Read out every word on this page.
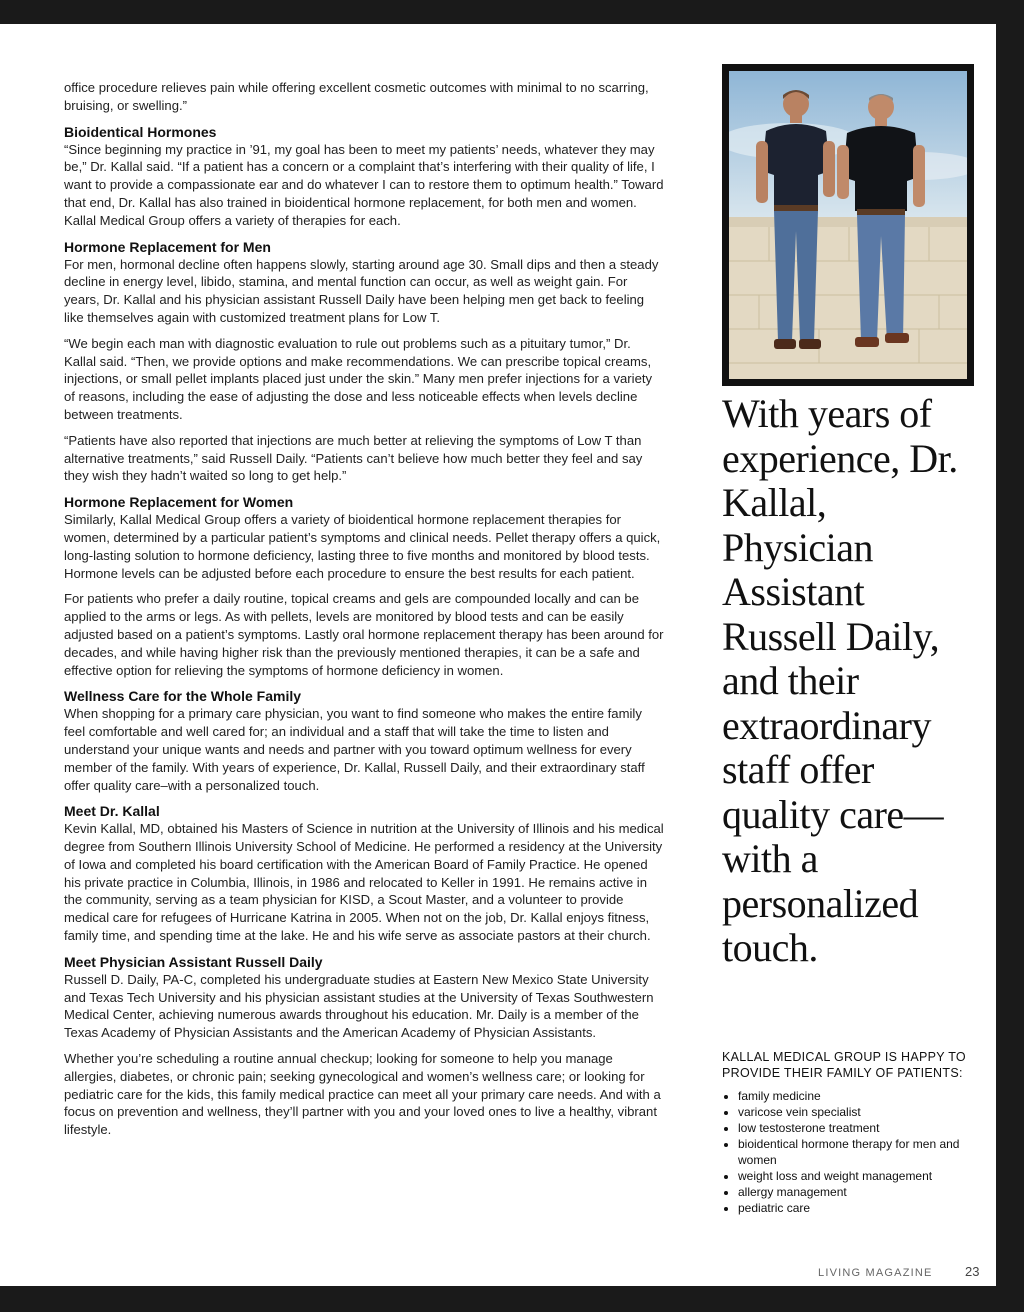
office procedure relieves pain while offering excellent cosmetic outcomes with minimal to no scarring, bruising, or swelling.”

Bioidentical Hormones

“Since beginning my practice in ’91, my goal has been to meet my patients’ needs, whatever they may be,” Dr. Kallal said. “If a patient has a concern or a complaint that’s interfering with their quality of life, I want to provide a compassionate ear and do whatever I can to restore them to optimum health.” Toward that end, Dr. Kallal has also trained in bioidentical hormone replacement, for both men and women. Kallal Medical Group offers a variety of therapies for each.

Hormone Replacement for Men

For men, hormonal decline often happens slowly, starting around age 30. Small dips and then a steady decline in energy level, libido, stamina, and mental function can occur, as well as weight gain. For years, Dr. Kallal and his physician assistant Russell Daily have been helping men get back to feeling like themselves again with customized treatment plans for Low T.

“We begin each man with diagnostic evaluation to rule out problems such as a pituitary tumor,” Dr. Kallal said. “Then, we provide options and make recommendations. We can prescribe topical creams, injections, or small pellet implants placed just under the skin.” Many men prefer injections for a variety of reasons, including the ease of adjusting the dose and less noticeable effects when levels decline between treatments.

“Patients have also reported that injections are much better at relieving the symptoms of Low T than alternative treatments,” said Russell Daily. “Patients can’t believe how much better they feel and say they wish they hadn’t waited so long to get help.”

Hormone Replacement for Women

Similarly, Kallal Medical Group offers a variety of bioidentical hormone replacement therapies for women, determined by a particular patient’s symptoms and clinical needs. Pellet therapy offers a quick, long-lasting solution to hormone deficiency, lasting three to five months and monitored by blood tests. Hormone levels can be adjusted before each procedure to ensure the best results for each patient.

For patients who prefer a daily routine, topical creams and gels are compounded locally and can be applied to the arms or legs. As with pellets, levels are monitored by blood tests and can be easily adjusted based on a patient’s symptoms. Lastly oral hormone replacement therapy has been around for decades, and while having higher risk than the previously mentioned therapies, it can be a safe and effective option for relieving the symptoms of hormone deficiency in women.

Wellness Care for the Whole Family

When shopping for a primary care physician, you want to find someone who makes the entire family feel comfortable and well cared for; an individual and a staff that will take the time to listen and understand your unique wants and needs and partner with you toward optimum wellness for every member of the family. With years of experience, Dr. Kallal, Russell Daily, and their extraordinary staff offer quality care–with a personalized touch.

Meet Dr. Kallal

Kevin Kallal, MD, obtained his Masters of Science in nutrition at the University of Illinois and his medical degree from Southern Illinois University School of Medicine. He performed a residency at the University of Iowa and completed his board certification with the American Board of Family Practice. He opened his private practice in Columbia, Illinois, in 1986 and relocated to Keller in 1991. He remains active in the community, serving as a team physician for KISD, a Scout Master, and a volunteer to provide medical care for refugees of Hurricane Katrina in 2005. When not on the job, Dr. Kallal enjoys fitness, family time, and spending time at the lake. He and his wife serve as associate pastors at their church.

Meet Physician Assistant Russell Daily

Russell D. Daily, PA-C, completed his undergraduate studies at Eastern New Mexico State University and Texas Tech University and his physician assistant studies at the University of Texas Southwestern Medical Center, achieving numerous awards throughout his education. Mr. Daily is a member of the Texas Academy of Physician Assistants and the American Academy of Physician Assistants.

Whether you’re scheduling a routine annual checkup; looking for someone to help you manage allergies, diabetes, or chronic pain; seeking gynecological and women’s wellness care; or looking for pediatric care for the kids, this family medical practice can meet all your primary care needs. And with a focus on prevention and wellness, they’ll partner with you and your loved ones to live a healthy, vibrant lifestyle.

With years of experience, Dr. Kallal, Physician Assistant Russell Daily, and their extraordinary staff offer quality care—with a personalized touch.
KALLAL MEDICAL GROUP IS HAPPY TO PROVIDE THEIR FAMILY OF PATIENTS:
• family medicine
• varicose vein specialist
• low testosterone treatment
• bioidentical hormone therapy for men and women
• weight loss and weight management
• allergy management
• pediatric care
LIVING MAGAZINE 23
